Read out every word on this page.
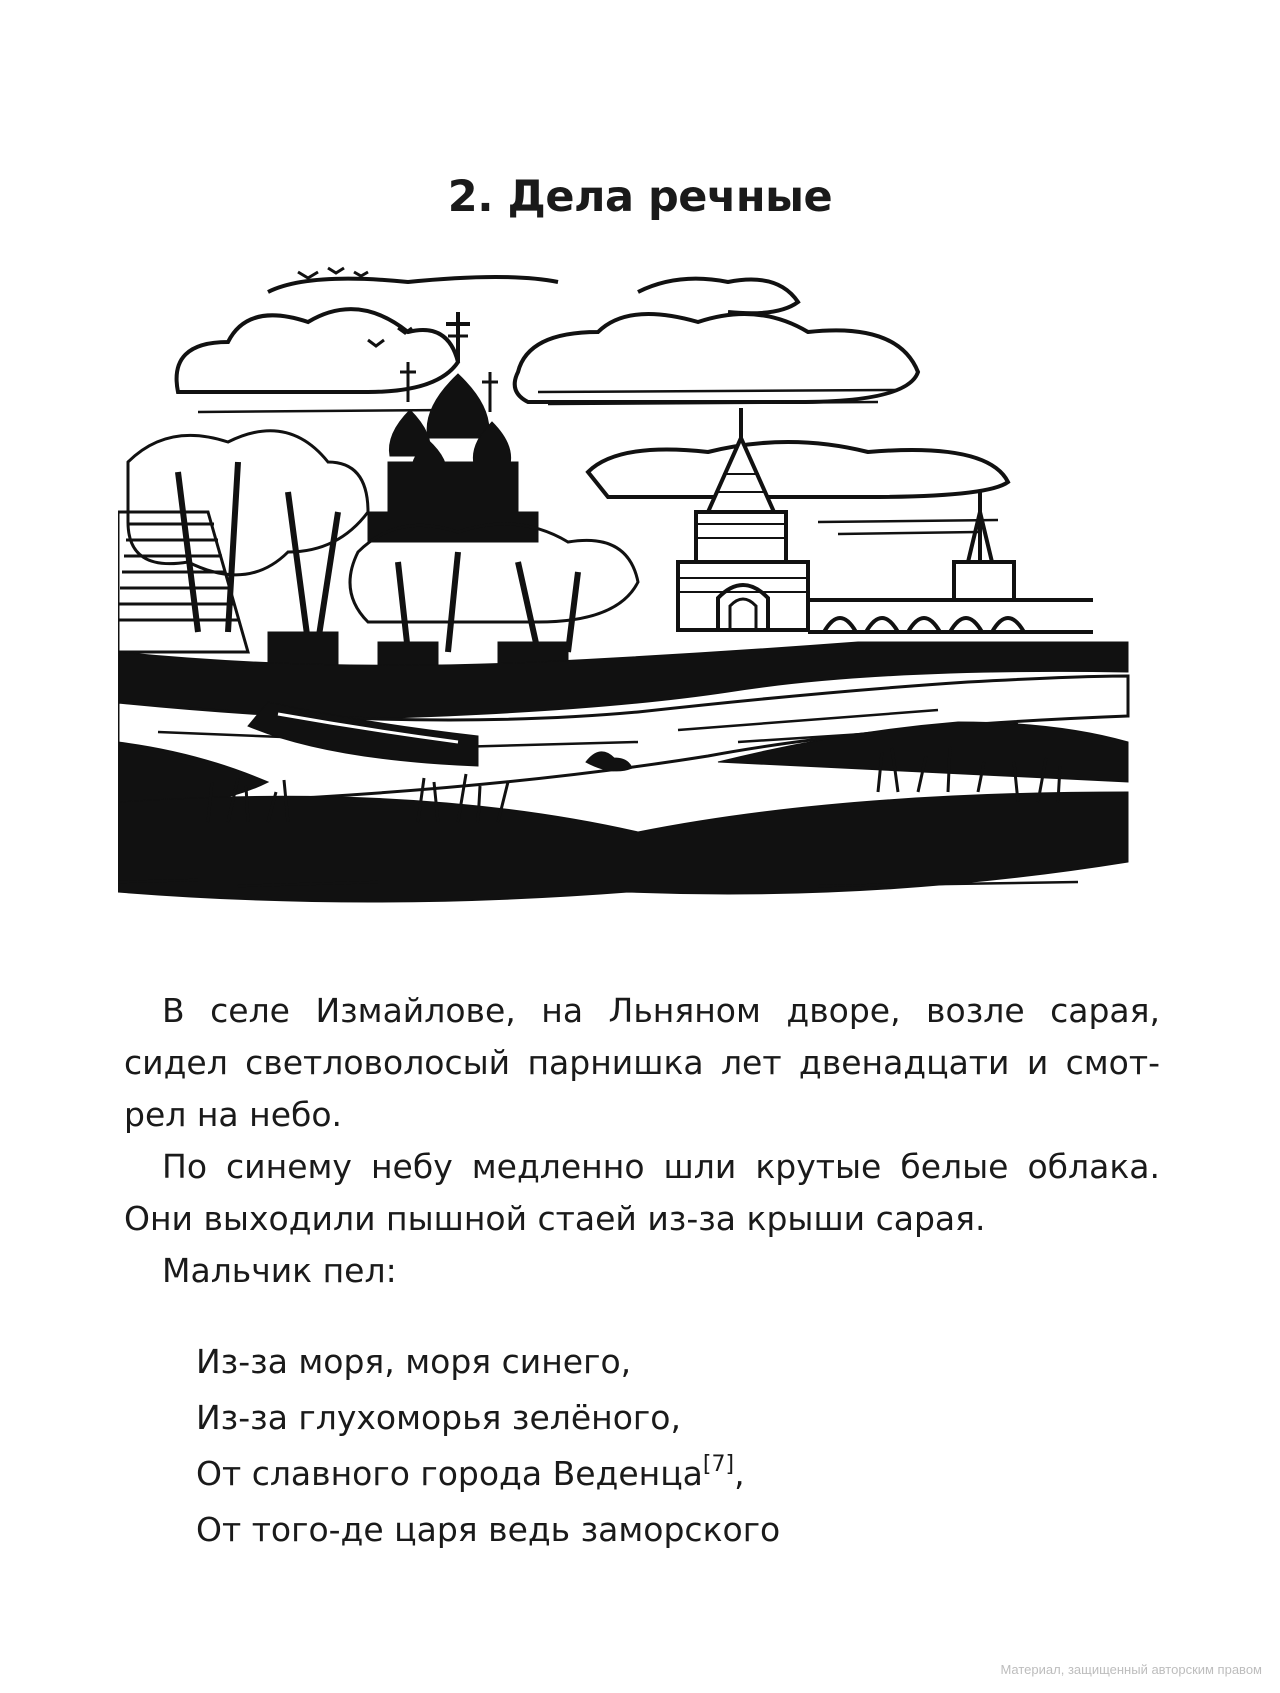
2. Дела речные

В селе Измайлове, на Льняном дворе, возле сарая, сидел светловолосый парнишка лет двенадцати и смот-рел на небо.

По синему небу медленно шли крутые белые облака. Они выходили пышной стаей из-за крыши сарая.

Мальчик пел:

Из-за моря, моря синего,
Из-за глухоморья зелёного,
От славного города Веденца[7],
От того-де царя ведь заморского
Материал, защищенный авторским правом
